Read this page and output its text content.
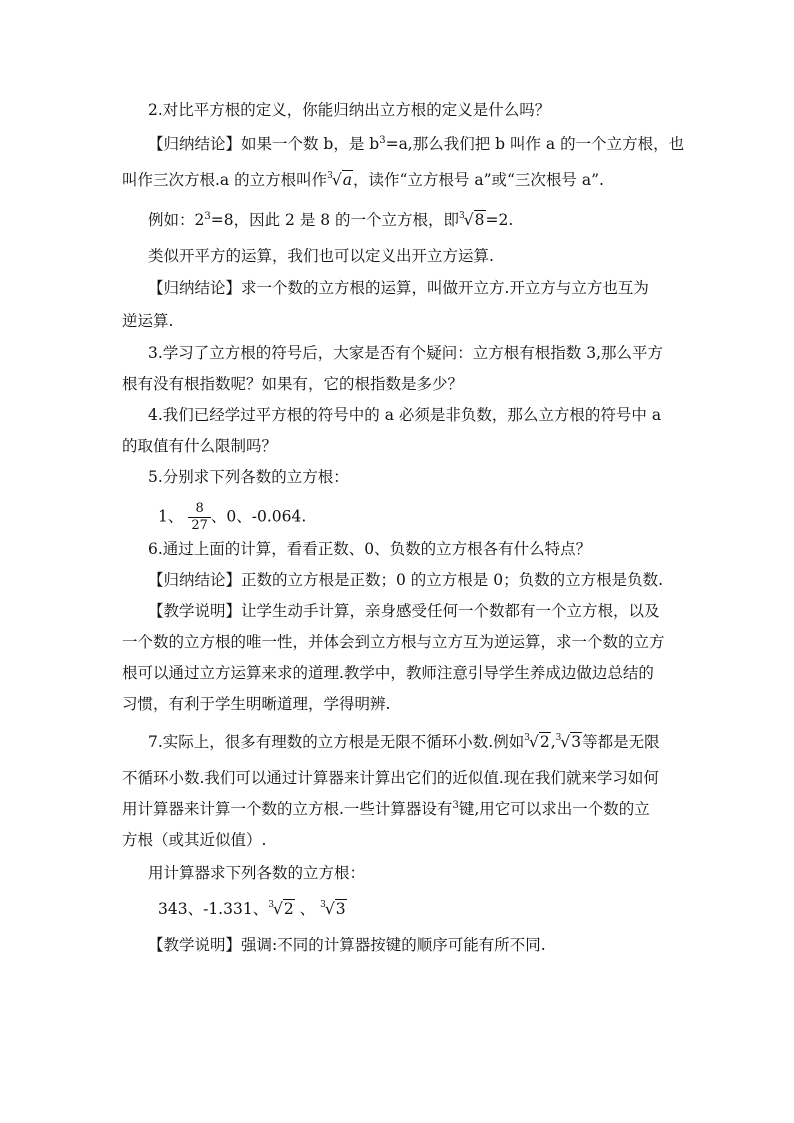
2.对比平方根的定义，你能归纳出立方根的定义是什么吗？
【归纳结论】如果一个数 b，是 $b^3=a$,那么我们把 b 叫作 a 的一个立方根，也
叫作三次方根.a 的立方根叫作$^3$√a，读作“立方根号 a”或“三次根号 a”.
例如：$2^3=8$，因此 2 是 8 的一个立方根，即$^3$√8=2.
类似开平方的运算，我们也可以定义出开立方运算.
【归纳结论】求一个数的立方根的运算，叫做开立方.开立方与立方也互为
逆运算.
3.学习了立方根的符号后，大家是否有个疑问：立方根有根指数 3,那么平方
根有没有根指数呢？如果有，它的根指数是多少？
4.我们已经学过平方根的符号中的 a 必须是非负数，那么立方根的符号中 a
的取值有什么限制吗？
5.分别求下列各数的立方根：
1、 $\frac{8}{27}$ 、0、-0.064.
6.通过上面的计算，看看正数、0、负数的立方根各有什么特点？
【归纳结论】正数的立方根是正数；0 的立方根是 0；负数的立方根是负数.
【教学说明】让学生动手计算，亲身感受任何一个数都有一个立方根，以及
一个数的立方根的唯一性，并体会到立方根与立方互为逆运算，求一个数的立方
根可以通过立方运算来求的道理.教学中，教师注意引导学生养成边做边总结的
习惯，有利于学生明晰道理，学得明辨.
7.实际上，很多有理数的立方根是无限不循环小数.例如$^3$√2,$^3$√3等都是无限
不循环小数.我们可以通过计算器来计算出它们的近似值.现在我们就来学习如何
用计算器来计算一个数的立方根.一些计算器设有$^3$键,用它可以求出一个数的立
方根（或其近似值）.
用计算器求下列各数的立方根：
343、-1.331、$^3$√2 、 $^3$√3
【教学说明】强调:不同的计算器按键的顺序可能有所不同.
